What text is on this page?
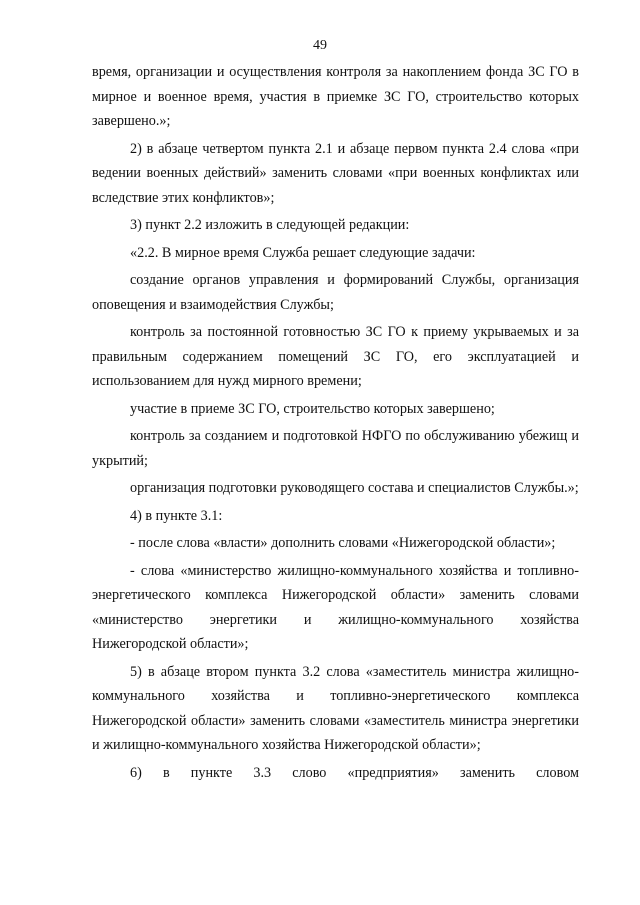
49

время, организации и осуществления контроля за накоплением фонда ЗС ГО в мирное и военное время, участия в приемке ЗС ГО, строительство которых завершено.»;

2) в абзаце четвертом пункта 2.1 и абзаце первом пункта 2.4 слова «при ведении военных действий» заменить словами «при военных конфликтах или вследствие этих конфликтов»;

3) пункт 2.2 изложить в следующей редакции:

«2.2. В мирное время Служба решает следующие задачи:

создание органов управления и формирований Службы, организация оповещения и взаимодействия Службы;

контроль за постоянной готовностью ЗС ГО к приему укрываемых и за правильным содержанием помещений ЗС ГО, его эксплуатацией и использованием для нужд мирного времени;

участие в приеме ЗС ГО, строительство которых завершено;

контроль за созданием и подготовкой НФГО по обслуживанию убежищ и укрытий;

организация подготовки руководящего состава и специалистов Службы.»;

4) в пункте 3.1:

- после слова «власти» дополнить словами «Нижегородской области»;

- слова «министерство жилищно-коммунального хозяйства и топливно-энергетического комплекса Нижегородской области» заменить словами «министерство энергетики и жилищно-коммунального хозяйства Нижегородской области»;

5) в абзаце втором пункта 3.2 слова «заместитель министра жилищно-коммунального хозяйства и топливно-энергетического комплекса Нижегородской области» заменить словами «заместитель министра энергетики и жилищно-коммунального хозяйства Нижегородской области»;

6) в пункте 3.3 слово «предприятия» заменить словом
